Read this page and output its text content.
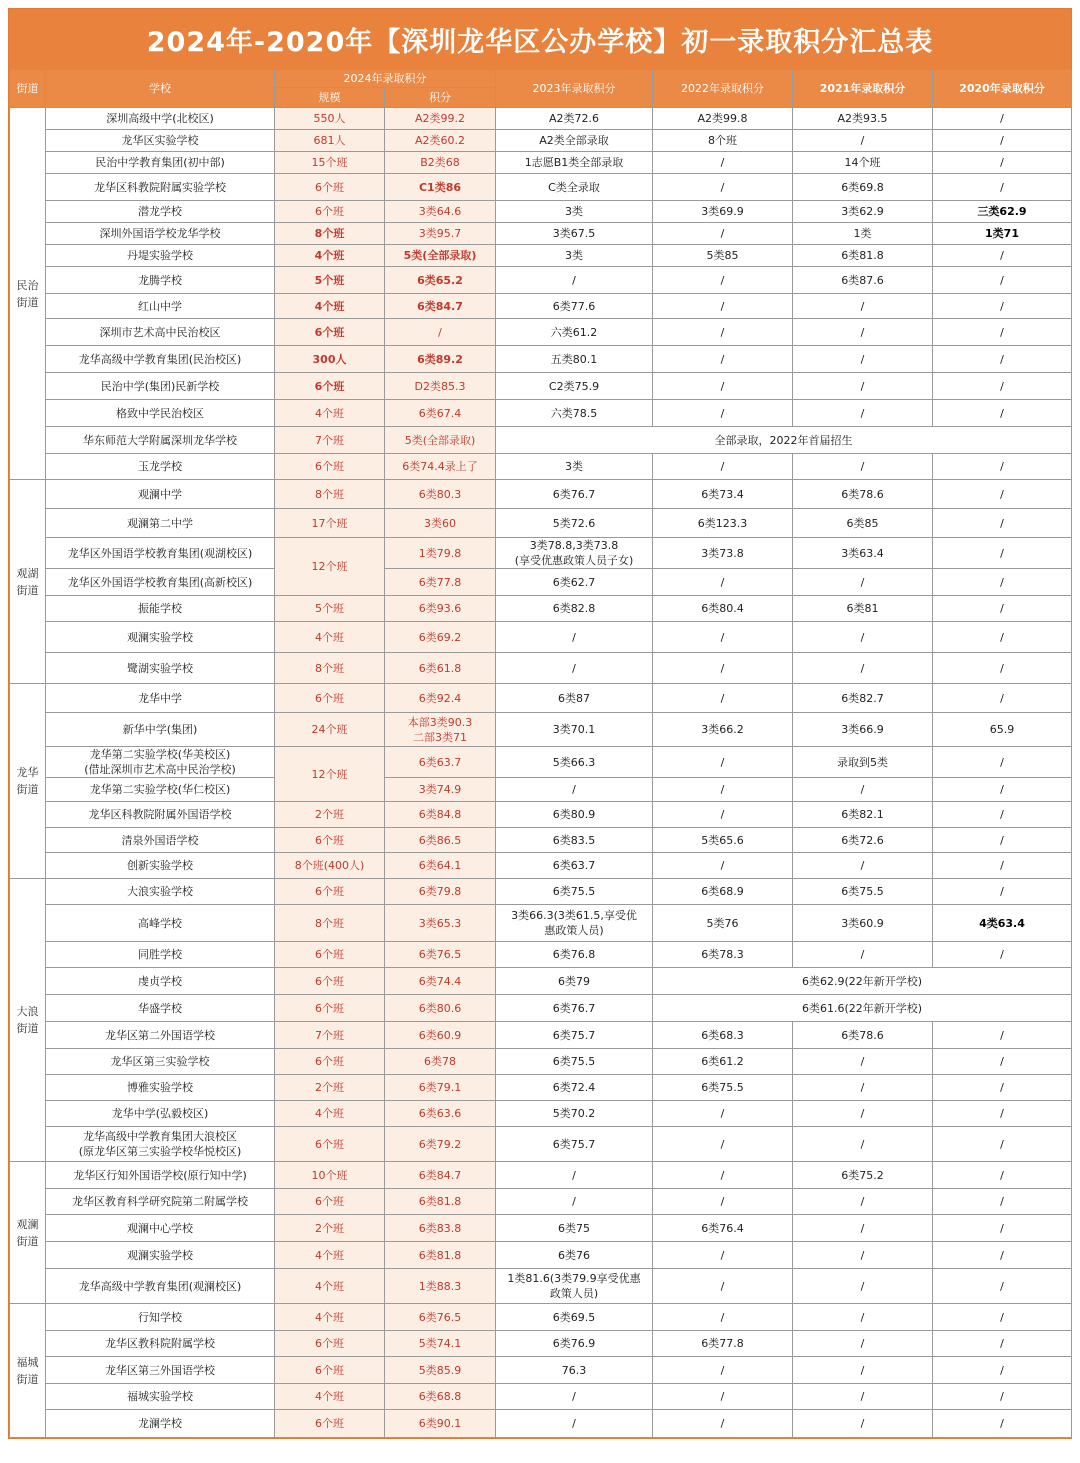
2024年-2020年【深圳龙华区公办学校】初一录取积分汇总表
街道	学校	2024年录取积分		2023年录取积分	2022年录取积分	2021年录取积分	2020年录取积分
		规模	积分				
民治
街道	深圳高级中学(北校区)	550人	A2类99.2	A2类72.6	A2类99.8	A2类93.5	/
	龙华区实验学校	681人	A2类60.2	A2类全部录取	8个班	/	/
	民治中学教育集团(初中部)	15个班	B2类68	1志愿B1类全部录取	/	14个班	/
	龙华区科教院附属实验学校	6个班	C1类86	C类全录取	/	6类69.8	/
	潜龙学校	6个班	3类64.6	3类	3类69.9	3类62.9	三类62.9
	深圳外国语学校龙华学校	8个班	3类95.7	3类67.5	/	1类	1类71
	丹堤实验学校	4个班	5类(全部录取)	3类	5类85	6类81.8	/
	龙腾学校	5个班	6类65.2	/	/	6类87.6	/
	红山中学	4个班	6类84.7	6类77.6	/	/	/
	深圳市艺术高中民治校区	6个班	/	六类61.2	/	/	/
	龙华高级中学教育集团(民治校区)	300人	6类89.2	五类80.1	/	/	/
	民治中学(集团)民新学校	6个班	D2类85.3	C2类75.9	/	/	/
	格致中学民治校区	4个班	6类67.4	六类78.5	/	/	/
	华东师范大学附属深圳龙华学校	7个班	5类(全部录取)	全部录取，2022年首届招生			
	玉龙学校	6个班	6类74.4录上了	3类	/	/	/
观湖
街道	观澜中学	8个班	6类80.3	6类76.7	6类73.4	6类78.6	/
	观澜第二中学	17个班	3类60	5类72.6	6类123.3	6类85	/
	龙华区外国语学校教育集团(观湖校区)	12个班	1类79.8	3类78.8,3类73.8
(享受优惠政策人员子女)	3类73.8	3类63.4	/
	龙华区外国语学校教育集团(高新校区)		6类77.8	6类62.7	/	/	/
	振能学校	5个班	6类93.6	6类82.8	6类80.4	6类81	/
	观澜实验学校	4个班	6类69.2	/	/	/	/
	鹭湖实验学校	8个班	6类61.8	/	/	/	/
龙华
街道	龙华中学	6个班	6类92.4	6类87	/	6类82.7	/
	新华中学(集团)	24个班	本部3类90.3
二部3类71	3类70.1	3类66.2	3类66.9	65.9
	龙华第二实验学校(华美校区)
(借址深圳市艺术高中民治学校)	12个班	6类63.7	5类66.3	/	录取到5类	/
	龙华第二实验学校(华仁校区)		3类74.9	/	/	/	/
	龙华区科教院附属外国语学校	2个班	6类84.8	6类80.9	/	6类82.1	/
	清泉外国语学校	6个班	6类86.5	6类83.5	5类65.6	6类72.6	/
	创新实验学校	8个班(400人)	6类64.1	6类63.7	/	/	/
大浪
街道	大浪实验学校	6个班	6类79.8	6类75.5	6类68.9	6类75.5	/
	高峰学校	8个班	3类65.3	3类66.3(3类61.5,享受优
惠政策人员)	5类76	3类60.9	4类63.4
	同胜学校	6个班	6类76.5	6类76.8	6类78.3	/	/
	虔贞学校	6个班	6类74.4	6类79	6类62.9(22年新开学校)		
	华盛学校	6个班	6类80.6	6类76.7	6类61.6(22年新开学校)		
	龙华区第二外国语学校	7个班	6类60.9	6类75.7	6类68.3	6类78.6	/
	龙华区第三实验学校	6个班	6类78	6类75.5	6类61.2	/	/
	博雅实验学校	2个班	6类79.1	6类72.4	6类75.5	/	/
	龙华中学(弘毅校区)	4个班	6类63.6	5类70.2	/	/	/
	龙华高级中学教育集团大浪校区
(原龙华区第三实验学校华悦校区)	6个班	6类79.2	6类75.7	/	/	/
观澜
街道	龙华区行知外国语学校(原行知中学)	10个班	6类84.7	/	/	6类75.2	/
	龙华区教育科学研究院第二附属学校	6个班	6类81.8	/	/	/	/
	观澜中心学校	2个班	6类83.8	6类75	6类76.4	/	/
	观澜实验学校	4个班	6类81.8	6类76	/	/	/
	龙华高级中学教育集团(观澜校区)	4个班	1类88.3	1类81.6(3类79.9享受优惠
政策人员)	/	/	/
福城
街道	行知学校	4个班	6类76.5	6类69.5	/	/	/
	龙华区教科院附属学校	6个班	5类74.1	6类76.9	6类77.8	/	/
	龙华区第三外国语学校	6个班	5类85.9	76.3	/	/	/
	福城实验学校	4个班	6类68.8	/	/	/	/
	龙澜学校	6个班	6类90.1	/	/	/	/
